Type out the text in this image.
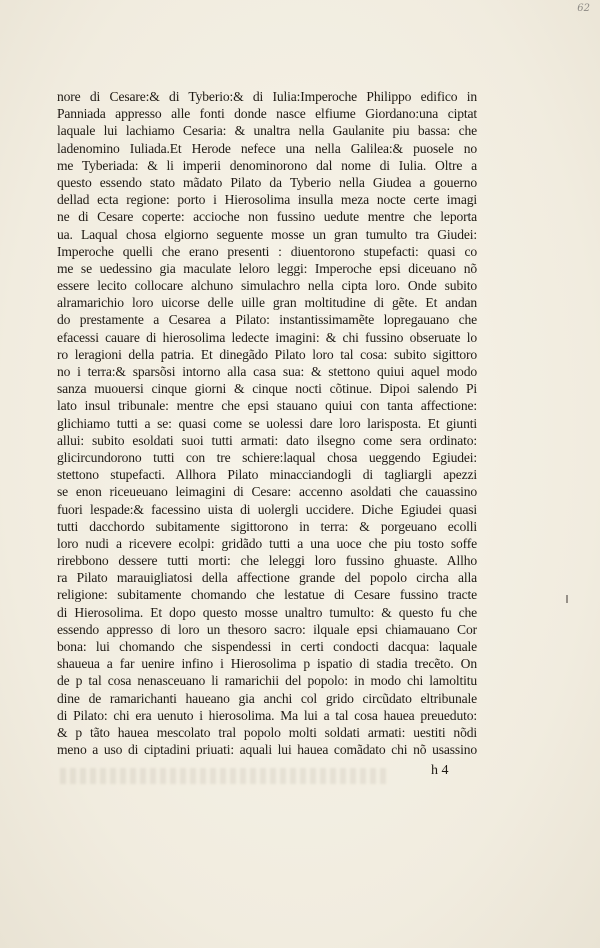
62
nore di Cesare:& di Tyberio:& di Iulia:Imperoche Philippo edifico in
Panniada appresso alle fonti donde nasce elfiume Giordano:una ciptat
laquale lui lachiamo Cesaria: & unaltra nella Gaulanite piu bassa: che
ladenomino Iuliada.Et Herode nefece una nella Galilea:& puosele no
me Tyberiada: & li imperii denominorono dal nome di Iulia. Oltre a
questo essendo stato mãdato Pilato da Tyberio nella Giudea a gouerno
dellad ecta regione: porto i Hierosolima insulla meza nocte certe imagi
ne di Cesare coperte: accioche non fussino uedute mentre che leporta
ua. Laqual chosa elgiorno seguente mosse un gran tumulto tra Giudei:
Imperoche quelli che erano presenti : diuentorono stupefacti: quasi co
me se uedessino gia maculate leloro leggi: Imperoche epsi diceuano nõ
essere lecito collocare alchuno simulachro nella cipta loro. Onde subito
alramarichio loro uicorse delle uille gran moltitudine di gẽte. Et andan
do prestamente a Cesarea a Pilato: instantissimamẽte lopregauano che
efacessi cauare di hierosolima ledecte imagini: & chi fussino obseruate lo
ro leragioni della patria. Et dinegãdo Pilato loro tal cosa: subito sigittoro
no i terra:& sparsõsi intorno alla casa sua: & stettono quiui aquel modo
sanza muouersi cinque giorni & cinque nocti cõtinue. Dipoi salendo Pi
lato insul tribunale: mentre che epsi stauano quiui con tanta affectione:
glichiamo tutti a se: quasi come se uolessi dare loro larisposta. Et giunti
allui: subito esoldati suoi tutti armati: dato ilsegno come sera ordinato:
glicircundorono tutti con tre schiere:laqual chosa ueggendo Egiudei:
stettono stupefacti. Allhora Pilato minacciandogli di tagliargli apezzi
se enon riceueuano leimagini di Cesare: accenno asoldati che cauassino
fuori lespade:& facessino uista di uolergli uccidere. Diche Egiudei quasi
tutti dacchordo subitamente sigittorono in terra: & porgeuano ecolli
loro nudi a ricevere ecolpi: gridãdo tutti a una uoce che piu tosto soffe
rirebbono dessere tutti morti: che leleggi loro fussino ghuaste. Allho
ra Pilato marauigliatosi della affectione grande del popolo circha alla
religione: subitamente chomando che lestatue di Cesare fussino tracte
di Hierosolima. Et dopo questo mosse unaltro tumulto: & questo fu che
essendo appresso di loro un thesoro sacro: ilquale epsi chiamauano Cor
bona: lui chomando che sispendessi in certi condocti dacqua: laquale
shaueua a far uenire infino i Hierosolima p ispatio di stadia trecẽto. On
de p tal cosa nenasceuano li ramarichii del popolo: in modo chi lamoltitu
dine de ramarichanti haueano gia anchi col grido circũdato eltribunale
di Pilato: chi era uenuto i hierosolima. Ma lui a tal cosa hauea preueduto:
& p tãto hauea mescolato tral popolo molti soldati armati: uestiti nõdi
meno a uso di ciptadini priuati: aquali lui hauea comãdato chi nõ usassino
h 4
